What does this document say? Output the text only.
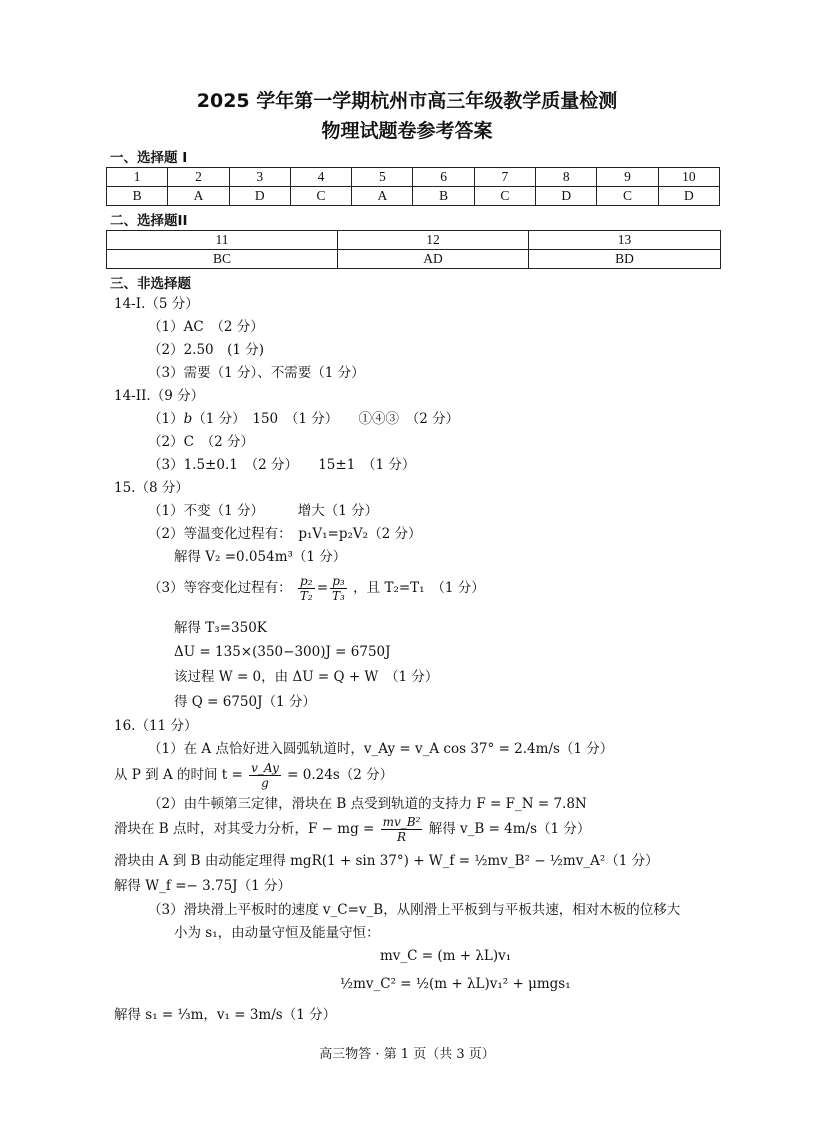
2025 学年第一学期杭州市高三年级教学质量检测
物理试题卷参考答案
一、选择题 I
1	2	3	4	5	6	7	8	9	10
B	A	D	C	A	B	C	D	C	D
二、选择题II
11	12	13
BC	AD	BD
三、非选择题
14-I.（5 分）
（1）AC　（2 分）
（2）2.50　(1 分)
（3）需要（1 分）、不需要（1 分）
14-II.（9 分）
（1）b（1 分）　150　（1 分）　　①④③　（2 分）
（2）C　（2 分）
（3）1.5±0.1　（2 分）　　15±1　（1 分）
15.（8 分）
（1）不变（1 分）　　　增大（1 分）
（2）等温变化过程有：　p₁V₁=p₂V₂（2 分）
解得 V₂ =0.054m³（1 分）
（3）等容变化过程有： $\frac{\text{p₂}}{\text{T₂}} = \frac{\text{p₃}}{\text{T₃}}$ ，且 T₂=T₁　（1 分）
解得 T₃=350K
ΔU = 135×(350−300)J = 6750J
该过程 W = 0，由 ΔU = Q + W　（1 分）
得 Q = 6750J（1 分）
16.（11 分）
（1）在 A 点恰好进入圆弧轨道时，v_Ay = v_A cos 37° = 2.4m/s（1 分）
从 P 到 A 的时间 $t = \frac{v\_Ay}{g} = 0.24s(2$ 分）
（2）由牛顿第三定律，滑块在 B 点受到轨道的支持力 F = F_N = 7.8N
滑块在 B 点时，对其受力分析，F − mg = $\frac{\text{mv\_B²}}{R}$ 解得 v_B = 4m/s（1 分）
滑块由 A 到 B 由动能定理得 mgR(1 + sin 37°) + W_f = ½mv_B² − ½mv_A²（1 分）
解得 W_f =− 3.75J（1 分）
（3）滑块滑上平板时的速度 v_C=v_B，从刚滑上平板到与平板共速，相对木板的位移大
小为 s₁，由动量守恒及能量守恒：
mv_C = (m + λL)v₁
½mv_C² = ½(m + λL)v₁² + μmgs₁
解得 s₁ = ⅓m，v₁ = 3m/s（1 分）
高三物答 · 第 1 页（共 3 页）
